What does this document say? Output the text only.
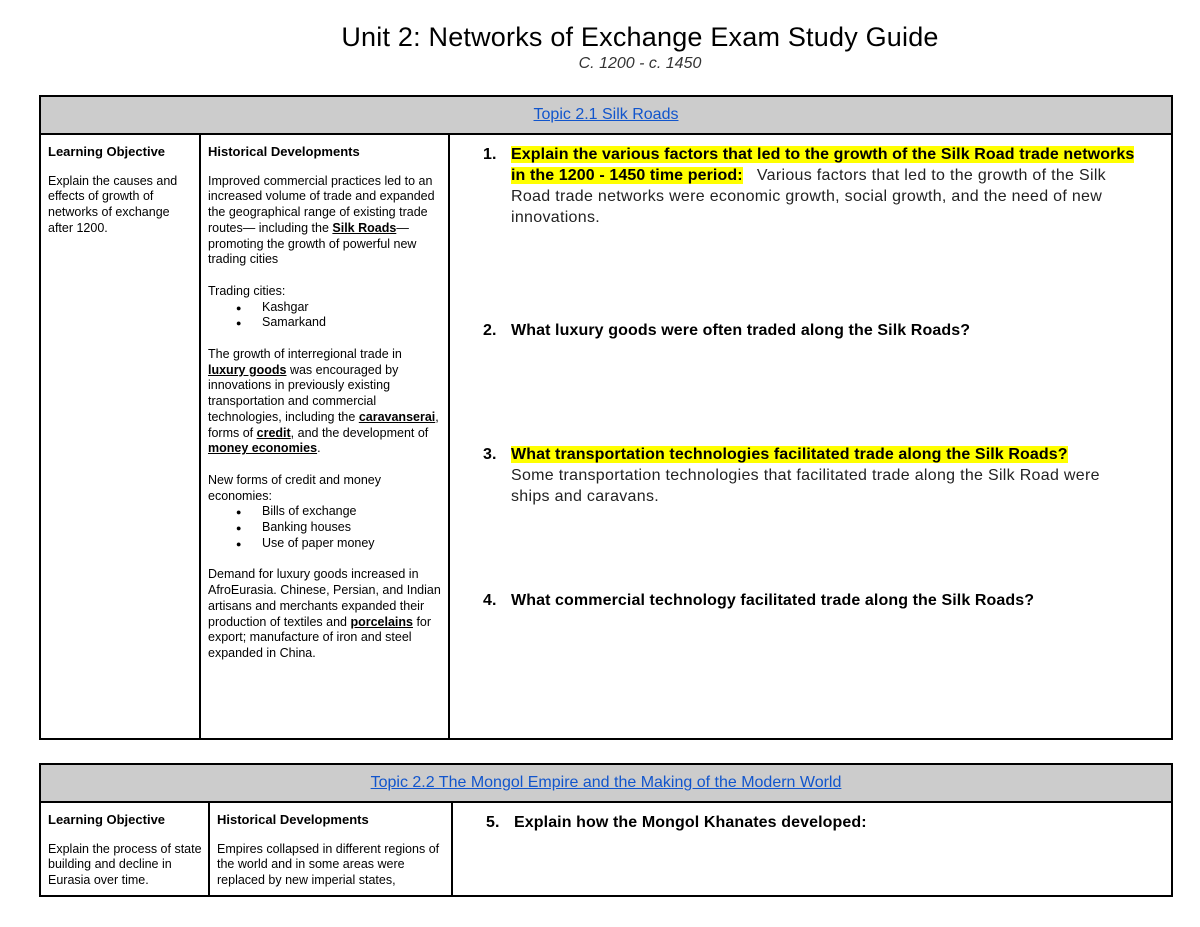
Unit 2: Networks of Exchange Exam Study Guide
C. 1200 - c. 1450
Topic 2.1 Silk Roads

Learning Objective
Explain the causes and effects of growth of networks of exchange after 1200.

Historical Developments

Improved commercial practices led to an increased volume of trade and expanded the geographical range of existing trade routes— including the Silk Roads—promoting the growth of powerful new trading cities

Trading cities:
● Kashgar
● Samarkand

The growth of interregional trade in luxury goods was encouraged by innovations in previously existing transportation and commercial technologies, including the caravanserai, forms of credit, and the development of money economies.

New forms of credit and money economies:
● Bills of exchange
● Banking houses
● Use of paper money

Demand for luxury goods increased in AfroEurasia. Chinese, Persian, and Indian artisans and merchants expanded their production of textiles and porcelains for export; manufacture of iron and steel expanded in China.

1. Explain the various factors that led to the growth of the Silk Road trade networks in the 1200 - 1450 time period: Various factors that led to the growth of the Silk Road trade networks were economic growth, social growth, and the need of new innovations.
2. What luxury goods were often traded along the Silk Roads?
3. What transportation technologies facilitated trade along the Silk Roads?
Some transportation technologies that facilitated trade along the Silk Road were ships and caravans.
4. What commercial technology facilitated trade along the Silk Roads?
Topic 2.2 The Mongol Empire and the Making of the Modern World

Learning Objective
Explain the process of state building and decline in Eurasia over time.

Historical Developments
Empires collapsed in different regions of the world and in some areas were replaced by new imperial states,

5. Explain how the Mongol Khanates developed:
